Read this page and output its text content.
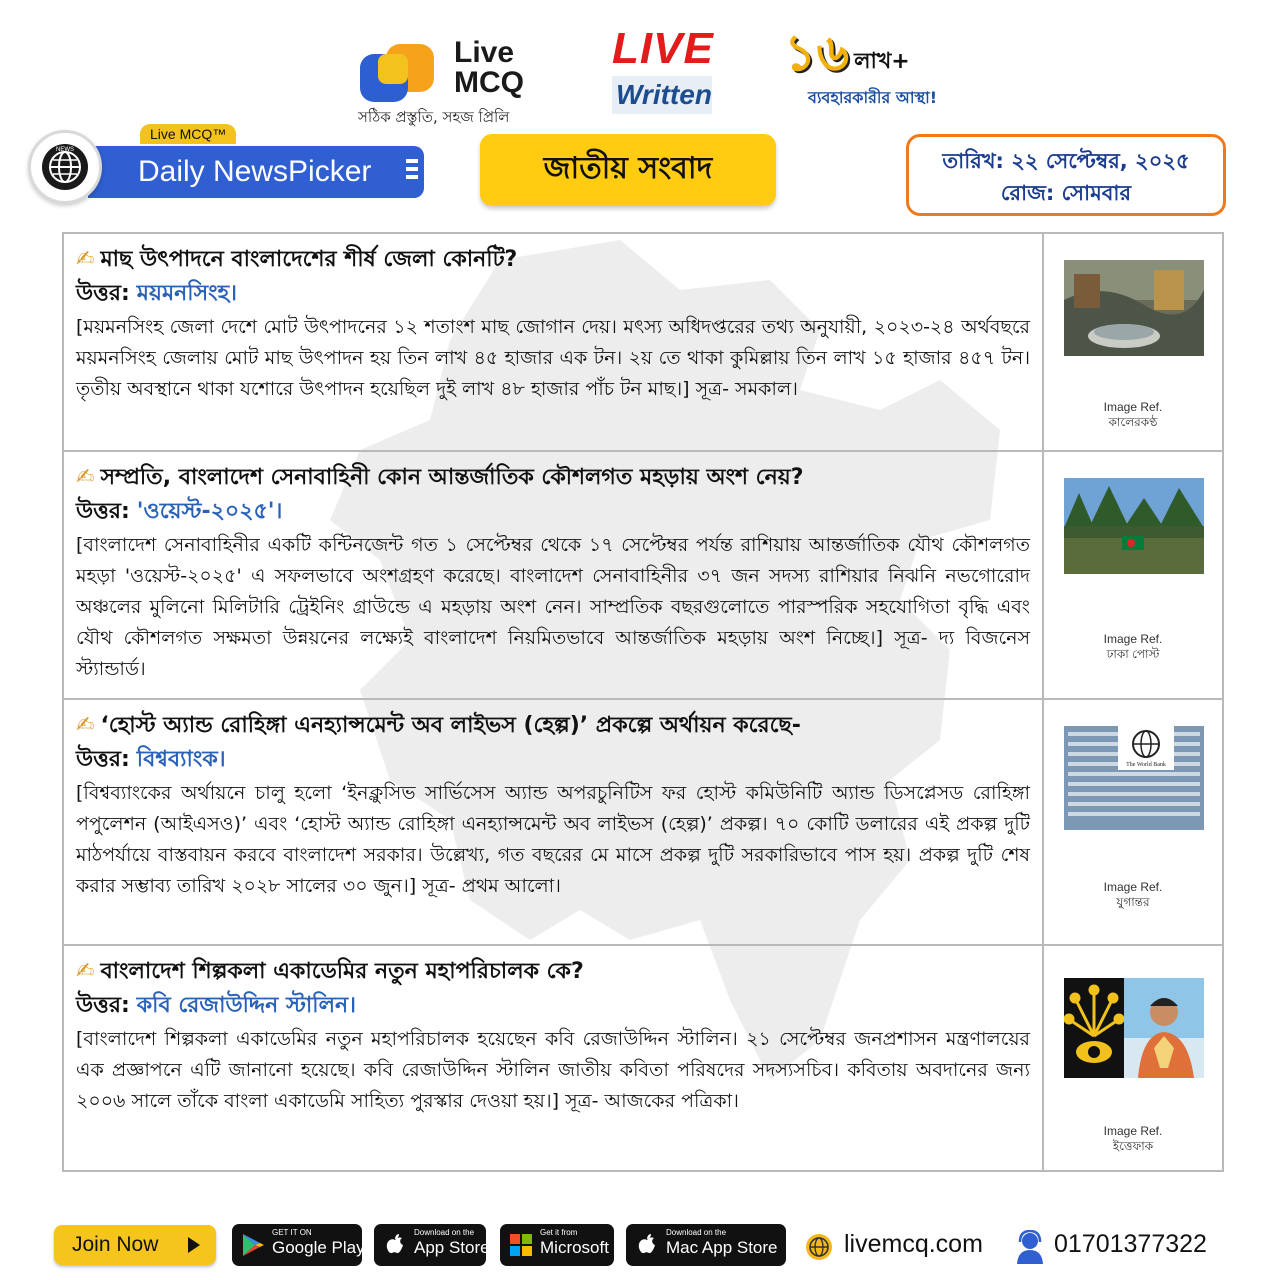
Live
MCQ
সঠিক প্রস্তুতি, সহজ প্রিলি
LIVE
Written
১৬ লাখ+
ব্যবহারকারীর আস্থা!
Live MCQ™
Daily NewsPicker
NEWS
জাতীয় সংবাদ	তারিখ: ২২ সেপ্টেম্বর, ২০২৫
রোজ: সোমবার
✍ মাছ উৎপাদনে বাংলাদেশের শীর্ষ জেলা কোনটি?
উত্তর: ময়মনসিংহ।
[ময়মনসিংহ জেলা দেশে মোট উৎপাদনের ১২ শতাংশ মাছ জোগান দেয়। মৎস্য অধিদপ্তরের তথ্য অনুযায়ী, ২০২৩-২৪ অর্থবছরে ময়মনসিংহ জেলায় মোট মাছ উৎপাদন হয় তিন লাখ ৪৫ হাজার এক টন। ২য় তে থাকা কুমিল্লায় তিন লাখ ১৫ হাজার ৪৫৭ টন। তৃতীয় অবস্থানে থাকা যশোরে উৎপাদন হয়েছিল দুই লাখ ৪৮ হাজার পাঁচ টন মাছ।] সূত্র- সমকাল।
Image Ref.
কালেরকণ্ঠ
✍ সম্প্রতি, বাংলাদেশ সেনাবাহিনী কোন আন্তর্জাতিক কৌশলগত মহড়ায় অংশ নেয়?
উত্তর: 'ওয়েস্ট-২০২৫'।
[বাংলাদেশ সেনাবাহিনীর একটি কন্টিনজেন্ট গত ১ সেপ্টেম্বর থেকে ১৭ সেপ্টেম্বর পর্যন্ত রাশিয়ায় আন্তর্জাতিক যৌথ কৌশলগত মহড়া 'ওয়েস্ট-২০২৫' এ সফলভাবে অংশগ্রহণ করেছে। বাংলাদেশ সেনাবাহিনীর ৩৭ জন সদস্য রাশিয়ার নিঝনি নভগোরোদ অঞ্চলের মুলিনো মিলিটারি ট্রেইনিং গ্রাউন্ডে এ মহড়ায় অংশ নেন। সাম্প্রতিক বছরগুলোতে পারস্পরিক সহযোগিতা বৃদ্ধি এবং যৌথ কৌশলগত সক্ষমতা উন্নয়নের লক্ষ্যেই বাংলাদেশ নিয়মিতভাবে আন্তর্জাতিক মহড়ায় অংশ নিচ্ছে।] সূত্র- দ্য বিজনেস স্ট্যান্ডার্ড।
Image Ref.
ঢাকা পোস্ট
✍ ‘হোস্ট অ্যান্ড রোহিঙ্গা এনহ্যান্সমেন্ট অব লাইভস (হেল্প)’ প্রকল্পে অর্থায়ন করেছে-
উত্তর: বিশ্বব্যাংক।
[বিশ্বব্যাংকের অর্থায়নে চালু হলো ‘ইনক্লুসিভ সার্ভিসেস অ্যান্ড অপরচুনিটিস ফর হোস্ট কমিউনিটি অ্যান্ড ডিসপ্লেসড রোহিঙ্গা পপুলেশন (আইএসও)’ এবং ‘হোস্ট অ্যান্ড রোহিঙ্গা এনহ্যান্সমেন্ট অব লাইভস (হেল্প)’ প্রকল্প। ৭০ কোটি ডলারের এই প্রকল্প দুটি মাঠপর্যায়ে বাস্তবায়ন করবে বাংলাদেশ সরকার। উল্লেখ্য, গত বছরের মে মাসে প্রকল্প দুটি সরকারিভাবে পাস হয়। প্রকল্প দুটি শেষ করার সম্ভাব্য তারিখ ২০২৮ সালের ৩০ জুন।] সূত্র- প্রথম আলো।
The World Bank
Image Ref.
যুগান্তর
✍ বাংলাদেশ শিল্পকলা একাডেমির নতুন মহাপরিচালক কে?
উত্তর: কবি রেজাউদ্দিন স্টালিন।
[বাংলাদেশ শিল্পকলা একাডেমির নতুন মহাপরিচালক হয়েছেন কবি রেজাউদ্দিন স্টালিন। ২১ সেপ্টেম্বর জনপ্রশাসন মন্ত্রণালয়ের এক প্রজ্ঞাপনে এটি জানানো হয়েছে। কবি রেজাউদ্দিন স্টালিন জাতীয় কবিতা পরিষদের সদস্যসচিব। কবিতায় অবদানের জন্য ২০০৬ সালে তাঁকে বাংলা একাডেমি সাহিত্য পুরস্কার দেওয়া হয়।] সূত্র- আজকের পত্রিকা।
Image Ref.
ইত্তেফাক
Join Now
GET IT ON
Google Play
Download on the
App Store
Get it from
Microsoft
Download on the
Mac App Store	livemcq.com	01701377322
